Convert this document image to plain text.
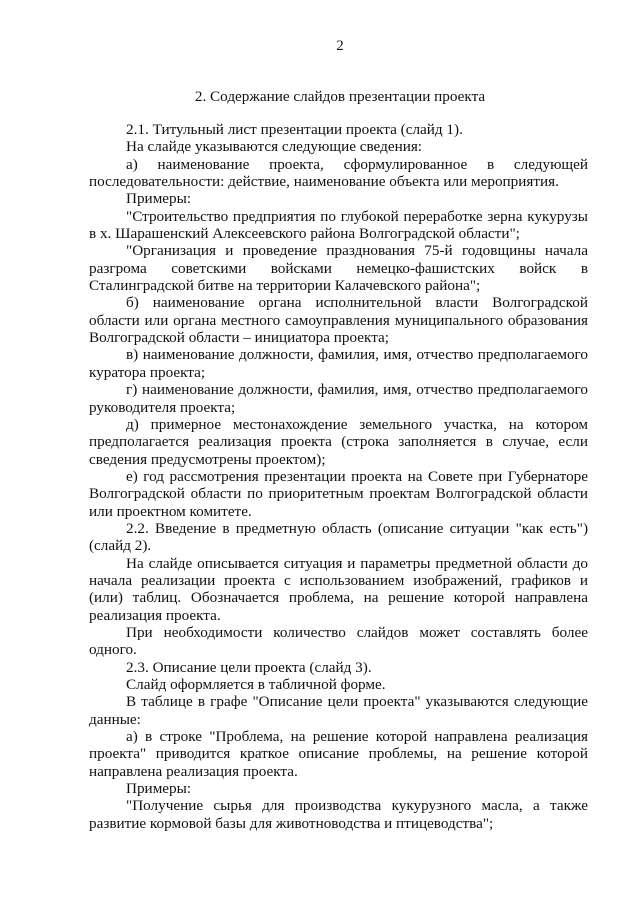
2
2. Содержание слайдов презентации проекта

2.1. Титульный лист презентации проекта (слайд 1).

На слайде указываются следующие сведения:

а) наименование проекта, сформулированное в следующей последовательности: действие, наименование объекта или мероприятия.

Примеры:

"Строительство предприятия по глубокой переработке зерна кукурузы в х. Шарашенский Алексеевского района Волгоградской области";

"Организация и проведение празднования 75-й годовщины начала разгрома советскими войсками немецко-фашистских войск в Сталинградской битве на территории Калачевского района";

б) наименование органа исполнительной власти Волгоградской области или органа местного самоуправления муниципального образования Волгоградской области – инициатора проекта;

в) наименование должности, фамилия, имя, отчество предполагаемого куратора проекта;

г) наименование должности, фамилия, имя, отчество предполагаемого руководителя проекта;

д) примерное местонахождение земельного участка, на котором предполагается реализация проекта (строка заполняется в случае, если сведения предусмотрены проектом);

е) год рассмотрения презентации проекта на Совете при Губернаторе Волгоградской области по приоритетным проектам Волгоградской области или проектном комитете.

2.2. Введение в предметную область (описание ситуации "как есть") (слайд 2).

На слайде описывается ситуация и параметры предметной области до начала реализации проекта с использованием изображений, графиков и (или) таблиц. Обозначается проблема, на решение которой направлена реализация проекта.

При необходимости количество слайдов может составлять более одного.

2.3. Описание цели проекта (слайд 3).

Слайд оформляется в табличной форме.

В таблице в графе "Описание цели проекта" указываются следующие данные:

а) в строке "Проблема, на решение которой направлена реализация проекта" приводится краткое описание проблемы, на решение которой направлена реализация проекта.

Примеры:

"Получение сырья для производства кукурузного масла, а также развитие кормовой базы для животноводства и птицеводства";
